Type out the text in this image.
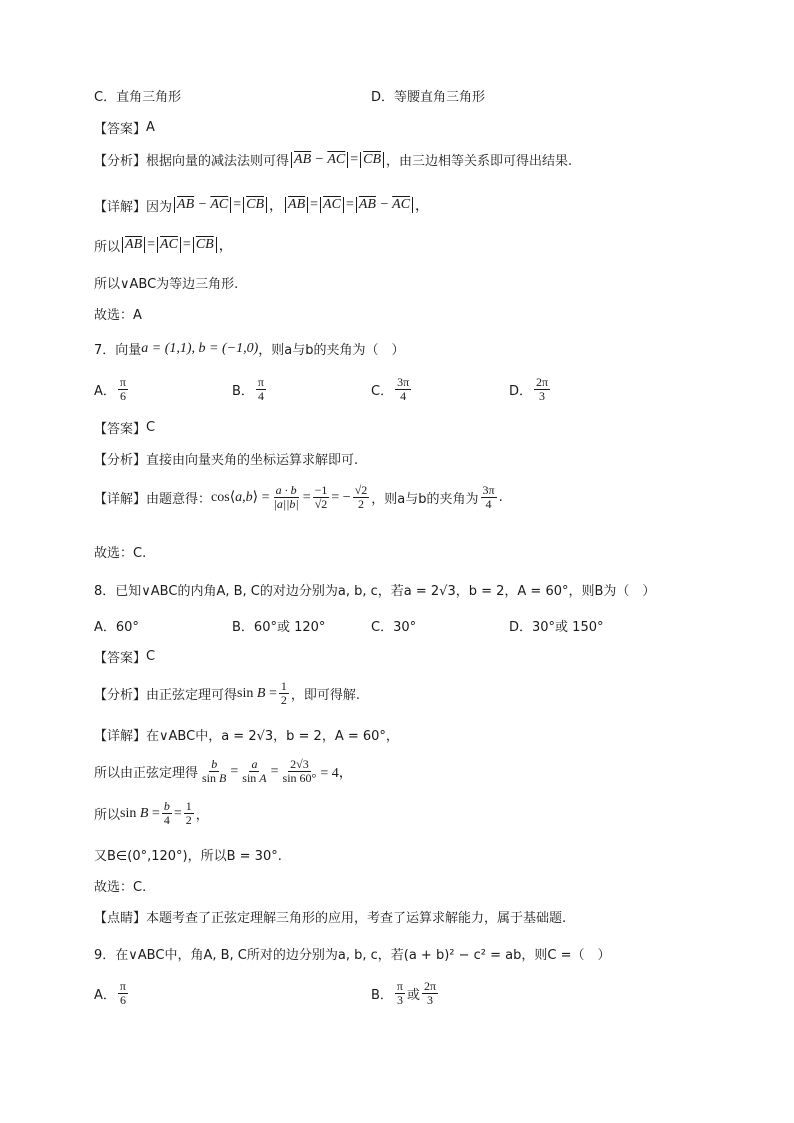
C．直角三角形	D．等腰直角三角形
【答案】 A
【分析】 根据向量的减法法则可得 $\overline{AB} - \overline{AC} = \overline{CB}$ ，由三边相等关系即可得出结果.
【详解】 因为 $\overline{AB} - \overline{AC} = \overline{CB}$ ， $\overline{AB} = \overline{AC} = \overline{AB} - \overline{AC}$ ，
所以 $\overline{AB} = \overline{AC} = \overline{CB}$ ，
所以∨ABC为等边三角形.
故选：A
7．向量 a = (1,1), b = (−1,0) ，则a与b的夹角为（　）
A． $\frac{\pi}{6}$	B． $\frac{\pi}{4}$	C． $\frac{3\pi}{4}$	D． $\frac{2\pi}{3}$
【答案】 C
【分析】 直接由向量夹角的坐标运算求解即可.
【详解】 由题意得： cos⟨a,b⟩ = $\frac{a \cdot b}{|a||b|} = \frac{-1}{√2}$ = − $\frac{√2}{2}$ ，则a与b的夹角为 $\frac{3\pi}{4}$ .
故选：C.
8．已知∨ABC的内角A, B, C的对边分别为a, b, c，若a = 2√3，b = 2，A = 60°，则B为（　）
A．60°	B．60°或 120°	C．30°	D．30°或 150°
【答案】 C
【分析】 由正弦定理可得 $\sin B = \frac{1}{2}$ ，即可得解.
【详解】 在∨ABC中，a = 2√3，b = 2，A = 60°，
所以由正弦定理得 $\frac{b}{\text{sin B}} = \frac{a}{\text{sin A}} = \frac{2√3}{\sin 60^\circ} = 4$，
所以 $\sin B = \frac{b}{4} = \frac{1}{2}$ ，
又B∈(0°,120°)，所以B = 30°.
故选：C.
【点睛】 本题考查了正弦定理解三角形的应用，考查了运算求解能力，属于基础题.
9．在∨ABC中，角A, B, C所对的边分别为a, b, c，若(a + b)² − c² = ab，则C =（　）
A． $\frac{\pi}{6}$	B． $\frac{\pi}{3}$ 或 $\frac{2\pi}{3}$
